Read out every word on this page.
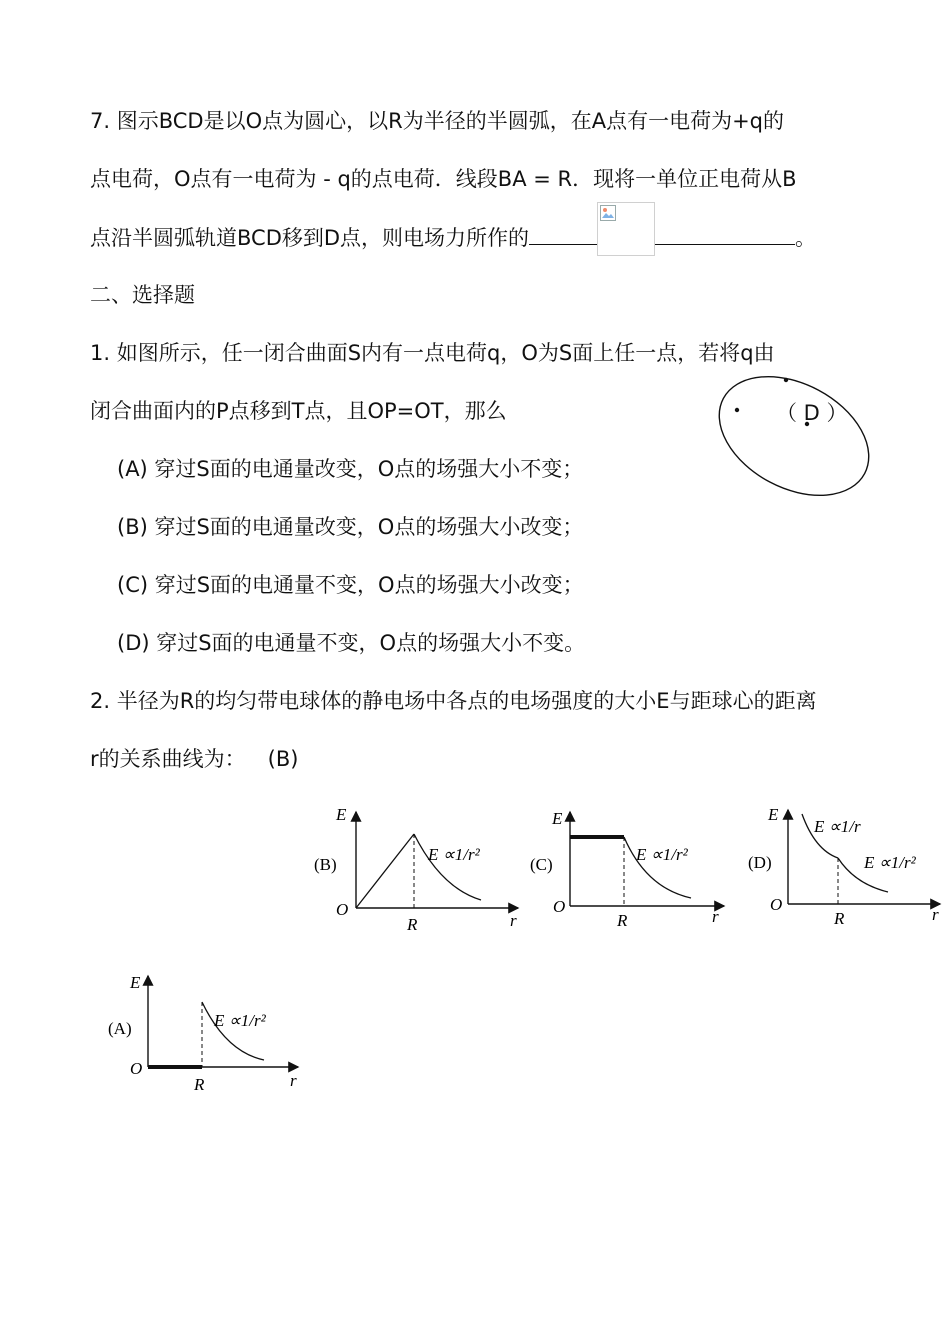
7. 图示BCD是以O点为圆心，以R为半径的半圆弧，在A点有一电荷为+q的
点电荷，O点有一电荷为 - q的点电荷．线段BA = R．现将一单位正电荷从B
点沿半圆弧轨道BCD移到D点，则电场力所作的	。
二、选择题
1. 如图所示，任一闭合曲面S内有一点电荷q，O为S面上任一点，若将q由
闭合曲面内的P点移到T点，且OP=OT，那么	（ D ）
(A) 穿过S面的电通量改变，O点的场强大小不变；
(B) 穿过S面的电通量改变，O点的场强大小改变；
(C) 穿过S面的电通量不变，O点的场强大小改变；
(D) 穿过S面的电通量不变，O点的场强大小不变。
2. 半径为R的均匀带电球体的静电场中各点的电场强度的大小E与距球心的距离
r的关系曲线为： (B)
E
O
R	r
(B)
E ∝1/r²
E
O
R	r
(C)
E ∝1/r²
E
O
R	r
(D)
E ∝1/r
E ∝1/r²
E
O
R	r
(A)	E ∝1/r²
